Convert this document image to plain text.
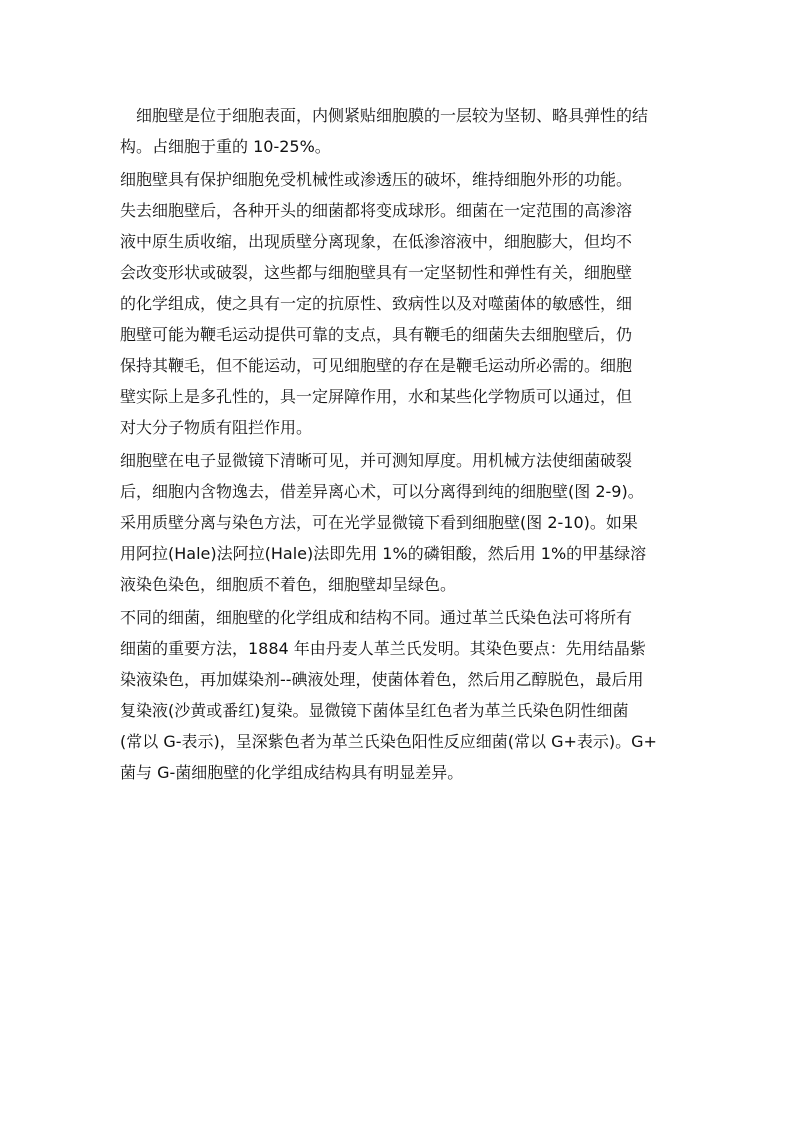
　细胞壁是位于细胞表面，内侧紧贴细胞膜的一层较为坚韧、略具弹性的结
构。占细胞于重的 10-25%。
细胞壁具有保护细胞免受机械性或渗透压的破坏，维持细胞外形的功能。
失去细胞壁后，各种开头的细菌都将变成球形。细菌在一定范围的高渗溶
液中原生质收缩，出现质壁分离现象，在低渗溶液中，细胞膨大，但均不
会改变形状或破裂，这些都与细胞壁具有一定坚韧性和弹性有关，细胞壁
的化学组成，使之具有一定的抗原性、致病性以及对噬菌体的敏感性，细
胞壁可能为鞭毛运动提供可靠的支点，具有鞭毛的细菌失去细胞壁后，仍
保持其鞭毛，但不能运动，可见细胞壁的存在是鞭毛运动所必需的。细胞
壁实际上是多孔性的，具一定屏障作用，水和某些化学物质可以通过，但
对大分子物质有阻拦作用。
细胞壁在电子显微镜下清晰可见，并可测知厚度。用机械方法使细菌破裂
后，细胞内含物逸去，借差异离心术，可以分离得到纯的细胞壁(图 2-9)。
采用质壁分离与染色方法，可在光学显微镜下看到细胞壁(图 2-10)。如果
用阿拉(Hale)法阿拉(Hale)法即先用 1%的磷钼酸，然后用 1%的甲基绿溶
液染色染色，细胞质不着色，细胞壁却呈绿色。
不同的细菌，细胞壁的化学组成和结构不同。通过革兰氏染色法可将所有
细菌的重要方法，1884 年由丹麦人革兰氏发明。其染色要点：先用结晶紫
染液染色，再加媒染剂--碘液处理，使菌体着色，然后用乙醇脱色，最后用
复染液(沙黄或番红)复染。显微镜下菌体呈红色者为革兰氏染色阴性细菌
(常以 G-表示)，呈深紫色者为革兰氏染色阳性反应细菌(常以 G+表示)。G+
菌与 G-菌细胞壁的化学组成结构具有明显差异。
